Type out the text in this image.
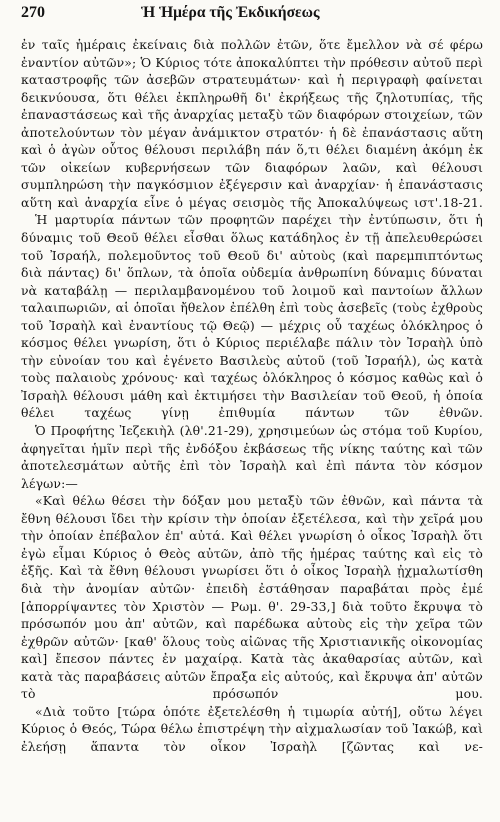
270	Ἡ Ἡμέρα τῆς Ἐκδικήσεως

ἐν ταῖς ἡμέραις ἐκείναις διὰ πολλῶν ἐτῶν, ὅτε ἔμελλον νὰ σέ φέρω ἐναντίον αὐτῶν»; Ὁ Κύριος τότε ἀποκαλύπτει τὴν πρόθεσιν αὐτοῦ περὶ καταστροφῆς τῶν ἀσεβῶν στρατευμάτων· καὶ ἡ περιγραφὴ φαίνεται δεικνύουσα, ὅτι θέλει ἐκπληρωθῆ δι' ἐκρήξεως τῆς ζηλοτυπίας, τῆς ἐπαναστάσεως καὶ τῆς ἀναρχίας μεταξὺ τῶν διαφόρων στοιχείων, τῶν ἀποτελούντων τὸν μέγαν ἀνάμικτον στρατόν· ἡ δὲ ἐπανάστασις αὕτη καὶ ὁ ἀγὼν οὗτος θέλουσι περιλάβη πάν ὅ,τι θέλει διαμένη ἀκόμη ἐκ τῶν οἰκείων κυβερνήσεων τῶν διαφόρων λαῶν, καὶ θέλουσι συμπληρώση τὴν παγκόσμιον ἐξέγερσιν καὶ ἀναρχίαν· ἡ ἐπανάστασις αὕτη καὶ ἀναρχία εἶνε ὁ μέγας σεισμὸς τῆς Ἀποκαλύψεως ιστ'.18-21.

Ἡ μαρτυρία πάντων τῶν προφητῶν παρέχει τὴν ἐντύπωσιν, ὅτι ἡ δύναμις τοῦ Θεοῦ θέλει εἶσθαι ὅλως κατάδηλος ἐν τῇ ἀπελευθερώσει τοῦ Ἰσραήλ, πολεμοῦντος τοῦ Θεοῦ δι' αὐτοὺς (καὶ παρεμπιπτόντως διὰ πάντας) δι' ὅπλων, τὰ ὁποῖα οὐδεμία ἀνθρωπίνη δύναμις δύναται νὰ καταβάλῃ — περιλαμβανομένου τοῦ λοιμοῦ καὶ παντοίων ἄλλων ταλαιπωριῶν, αἱ ὁποῖαι ἤθελον ἐπέλθη ἐπὶ τοὺς ἀσεβεῖς (τοὺς ἐχθροὺς τοῦ Ἰσραὴλ καὶ ἐναντίους τῷ Θεῷ) — μέχρις οὗ ταχέως ὁλόκληρος ὁ κόσμος θέλει γνωρίση, ὅτι ὁ Κύριος περιέλαβε πάλιν τὸν Ἰσραὴλ ὑπὸ τὴν εὐνοίαν του καὶ ἐγένετο Βασιλεὺς αὐτοῦ (τοῦ Ἰσραήλ), ὡς κατὰ τοὺς παλαιοὺς χρόνους· καὶ ταχέως ὁλόκληρος ὁ κόσμος καθὼς καὶ ὁ Ἰσραὴλ θέλουσι μάθη καὶ ἐκτιμήσει τὴν Βασιλείαν τοῦ Θεοῦ, ἡ ὁποία θέλει ταχέως γίνῃ ἐπιθυμία πάντων τῶν ἐθνῶν.

Ὁ Προφήτης Ἰεζεκιὴλ (λθ'.21-29), χρησιμεύων ὡς στόμα τοῦ Κυρίου, ἀφηγεῖται ἡμῖν περὶ τῆς ἐνδόξου ἐκβάσεως τῆς νίκης ταύτης καὶ τῶν ἀποτελεσμάτων αὐτῆς ἐπὶ τὸν Ἰσραὴλ καὶ ἐπὶ πάντα τὸν κόσμον λέγων:—

«Καὶ θέλω θέσει τὴν δόξαν μου μεταξὺ τῶν ἐθνῶν, καὶ πάντα τὰ ἔθνη θέλουσι ἴδει τὴν κρίσιν τὴν ὁποίαν ἐξετέλεσα, καὶ τὴν χεῖρά μου τὴν ὁποίαν ἐπέβαλον ἐπ' αὐτά. Καὶ θέλει γνωρίση ὁ οἶκος Ἰσραὴλ ὅτι ἐγὼ εἶμαι Κύριος ὁ Θεὸς αὐτῶν, ἀπὸ τῆς ἡμέρας ταύτης καὶ εἰς τὸ ἑξῆς. Καὶ τὰ ἔθνη θέλουσι γνωρίσει ὅτι ὁ οἶκος Ἰσραὴλ ᾐχμαλωτίσθη διὰ τὴν ἀνομίαν αὐτῶν· ἐπειδὴ ἐστάθησαν παραβάται πρὸς ἐμέ [ἀπορρίψαντες τὸν Χριστὸν — Ρωμ. θ'. 29-33,] διὰ τοῦτο ἔκρυψα τὸ πρόσωπόν μου ἀπ' αὐτῶν, καὶ παρέδωκα αὐτοὺς εἰς τὴν χεῖρα τῶν ἐχθρῶν αὐτῶν· [καθ' ὅλους τοὺς αἰῶνας τῆς Χριστιανικῆς οἰκονομίας καὶ] ἔπεσον πάντες ἐν μαχαίρᾳ. Κατὰ τὰς ἀκαθαρσίας αὐτῶν, καὶ κατὰ τὰς παραβάσεις αὐτῶν ἔπραξα εἰς αὐτούς, καὶ ἔκρυψα ἀπ' αὐτῶν τὸ πρόσωπόν μου.

«Διὰ τοῦτο [τώρα ὁπότε ἐξετελέσθη ἡ τιμωρία αὐτή], οὕτω λέγει Κύριος ὁ Θεός, Τώρα θέλω ἐπιστρέψη τὴν αἰχμαλωσίαν τοῦ Ἰακώβ, καὶ ἐλεήσῃ ἅπαντα τὸν οἶκον Ἰσραὴλ [ζῶντας καὶ νε-
